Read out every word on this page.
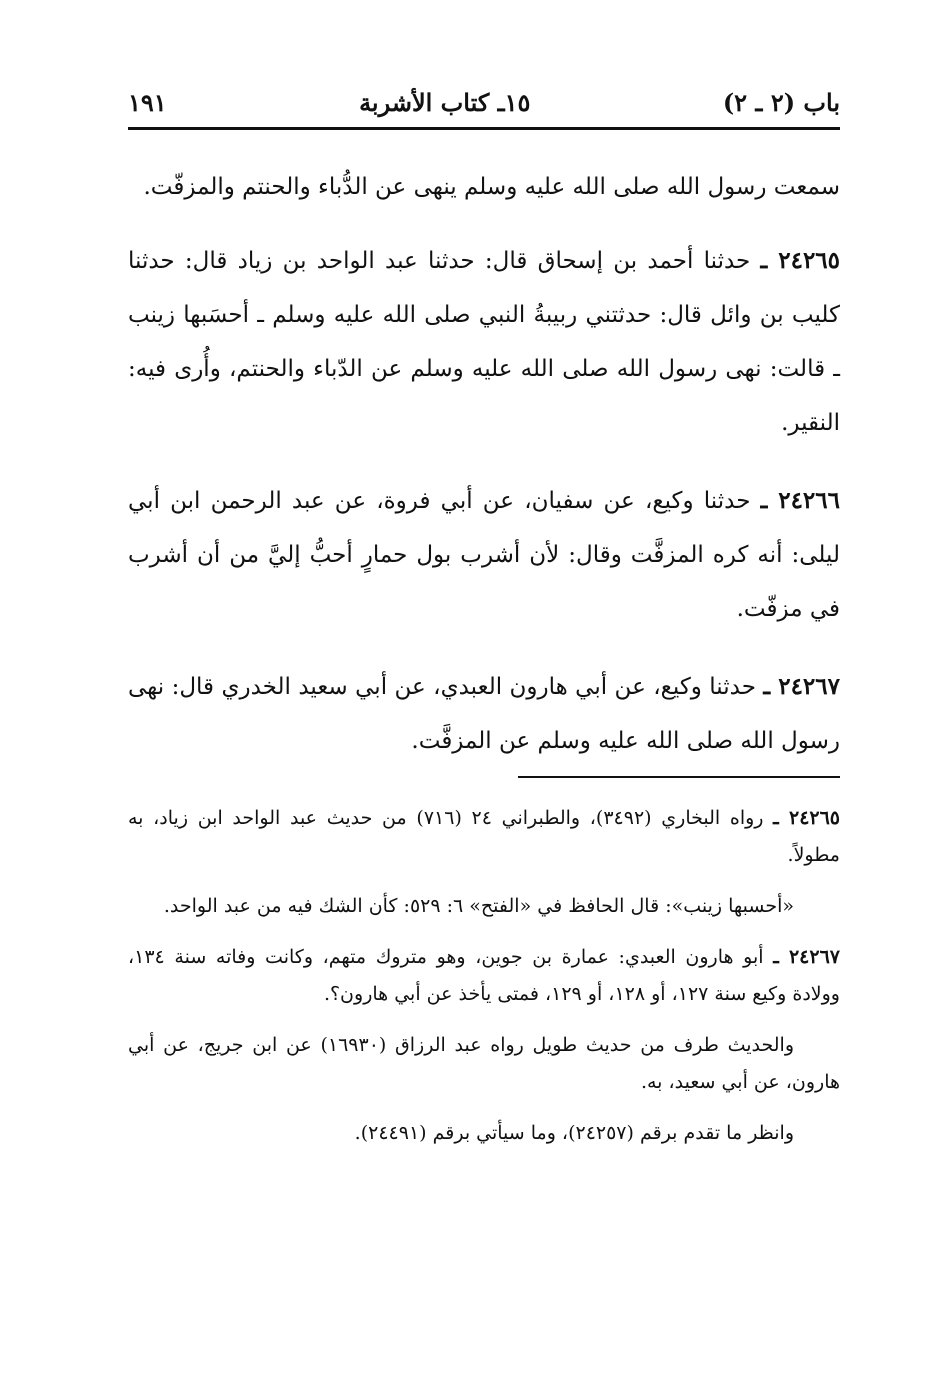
باب (٢ ـ ٢)
١٥ـ كتاب الأشربة
١٩١

سمعت رسول الله صلى الله عليه وسلم ينهى عن الدُّباء والحنتم والمزفّت.

٢٤٢٦٥ ـ حدثنا أحمد بن إسحاق قال: حدثنا عبد الواحد بن زياد قال: حدثنا كليب بن وائل قال: حدثتني ربيبةُ النبي صلى الله عليه وسلم ـ أحسَبها زينب ـ قالت: نهى رسول الله صلى الله عليه وسلم عن الدّباء والحنتم، وأُرى فيه: النقير.

٢٤٢٦٦ ـ حدثنا وكيع، عن سفيان، عن أبي فروة، عن عبد الرحمن ابن أبي ليلى: أنه كره المزفَّت وقال: لأن أشرب بول حمارٍ أحبُّ إليَّ من أن أشرب في مزفّت.

٢٤٢٦٧ ـ حدثنا وكيع، عن أبي هارون العبدي، عن أبي سعيد الخدري قال: نهى رسول الله صلى الله عليه وسلم عن المزفَّت.

٢٤٢٦٥ ـ رواه البخاري (٣٤٩٢)، والطبراني ٢٤ (٧١٦) من حديث عبد الواحد ابن زياد، به مطولاً.

«أحسبها زينب»: قال الحافظ في «الفتح» ٦: ٥٢٩: كأن الشك فيه من عبد الواحد.

٢٤٢٦٧ ـ أبو هارون العبدي: عمارة بن جوين، وهو متروك متهم، وكانت وفاته سنة ١٣٤، وولادة وكيع سنة ١٢٧، أو ١٢٨، أو ١٢٩، فمتى يأخذ عن أبي هارون؟.

والحديث طرف من حديث طويل رواه عبد الرزاق (١٦٩٣٠) عن ابن جريج، عن أبي هارون، عن أبي سعيد، به.

وانظر ما تقدم برقم (٢٤٢٥٧)، وما سيأتي برقم (٢٤٤٩١).
